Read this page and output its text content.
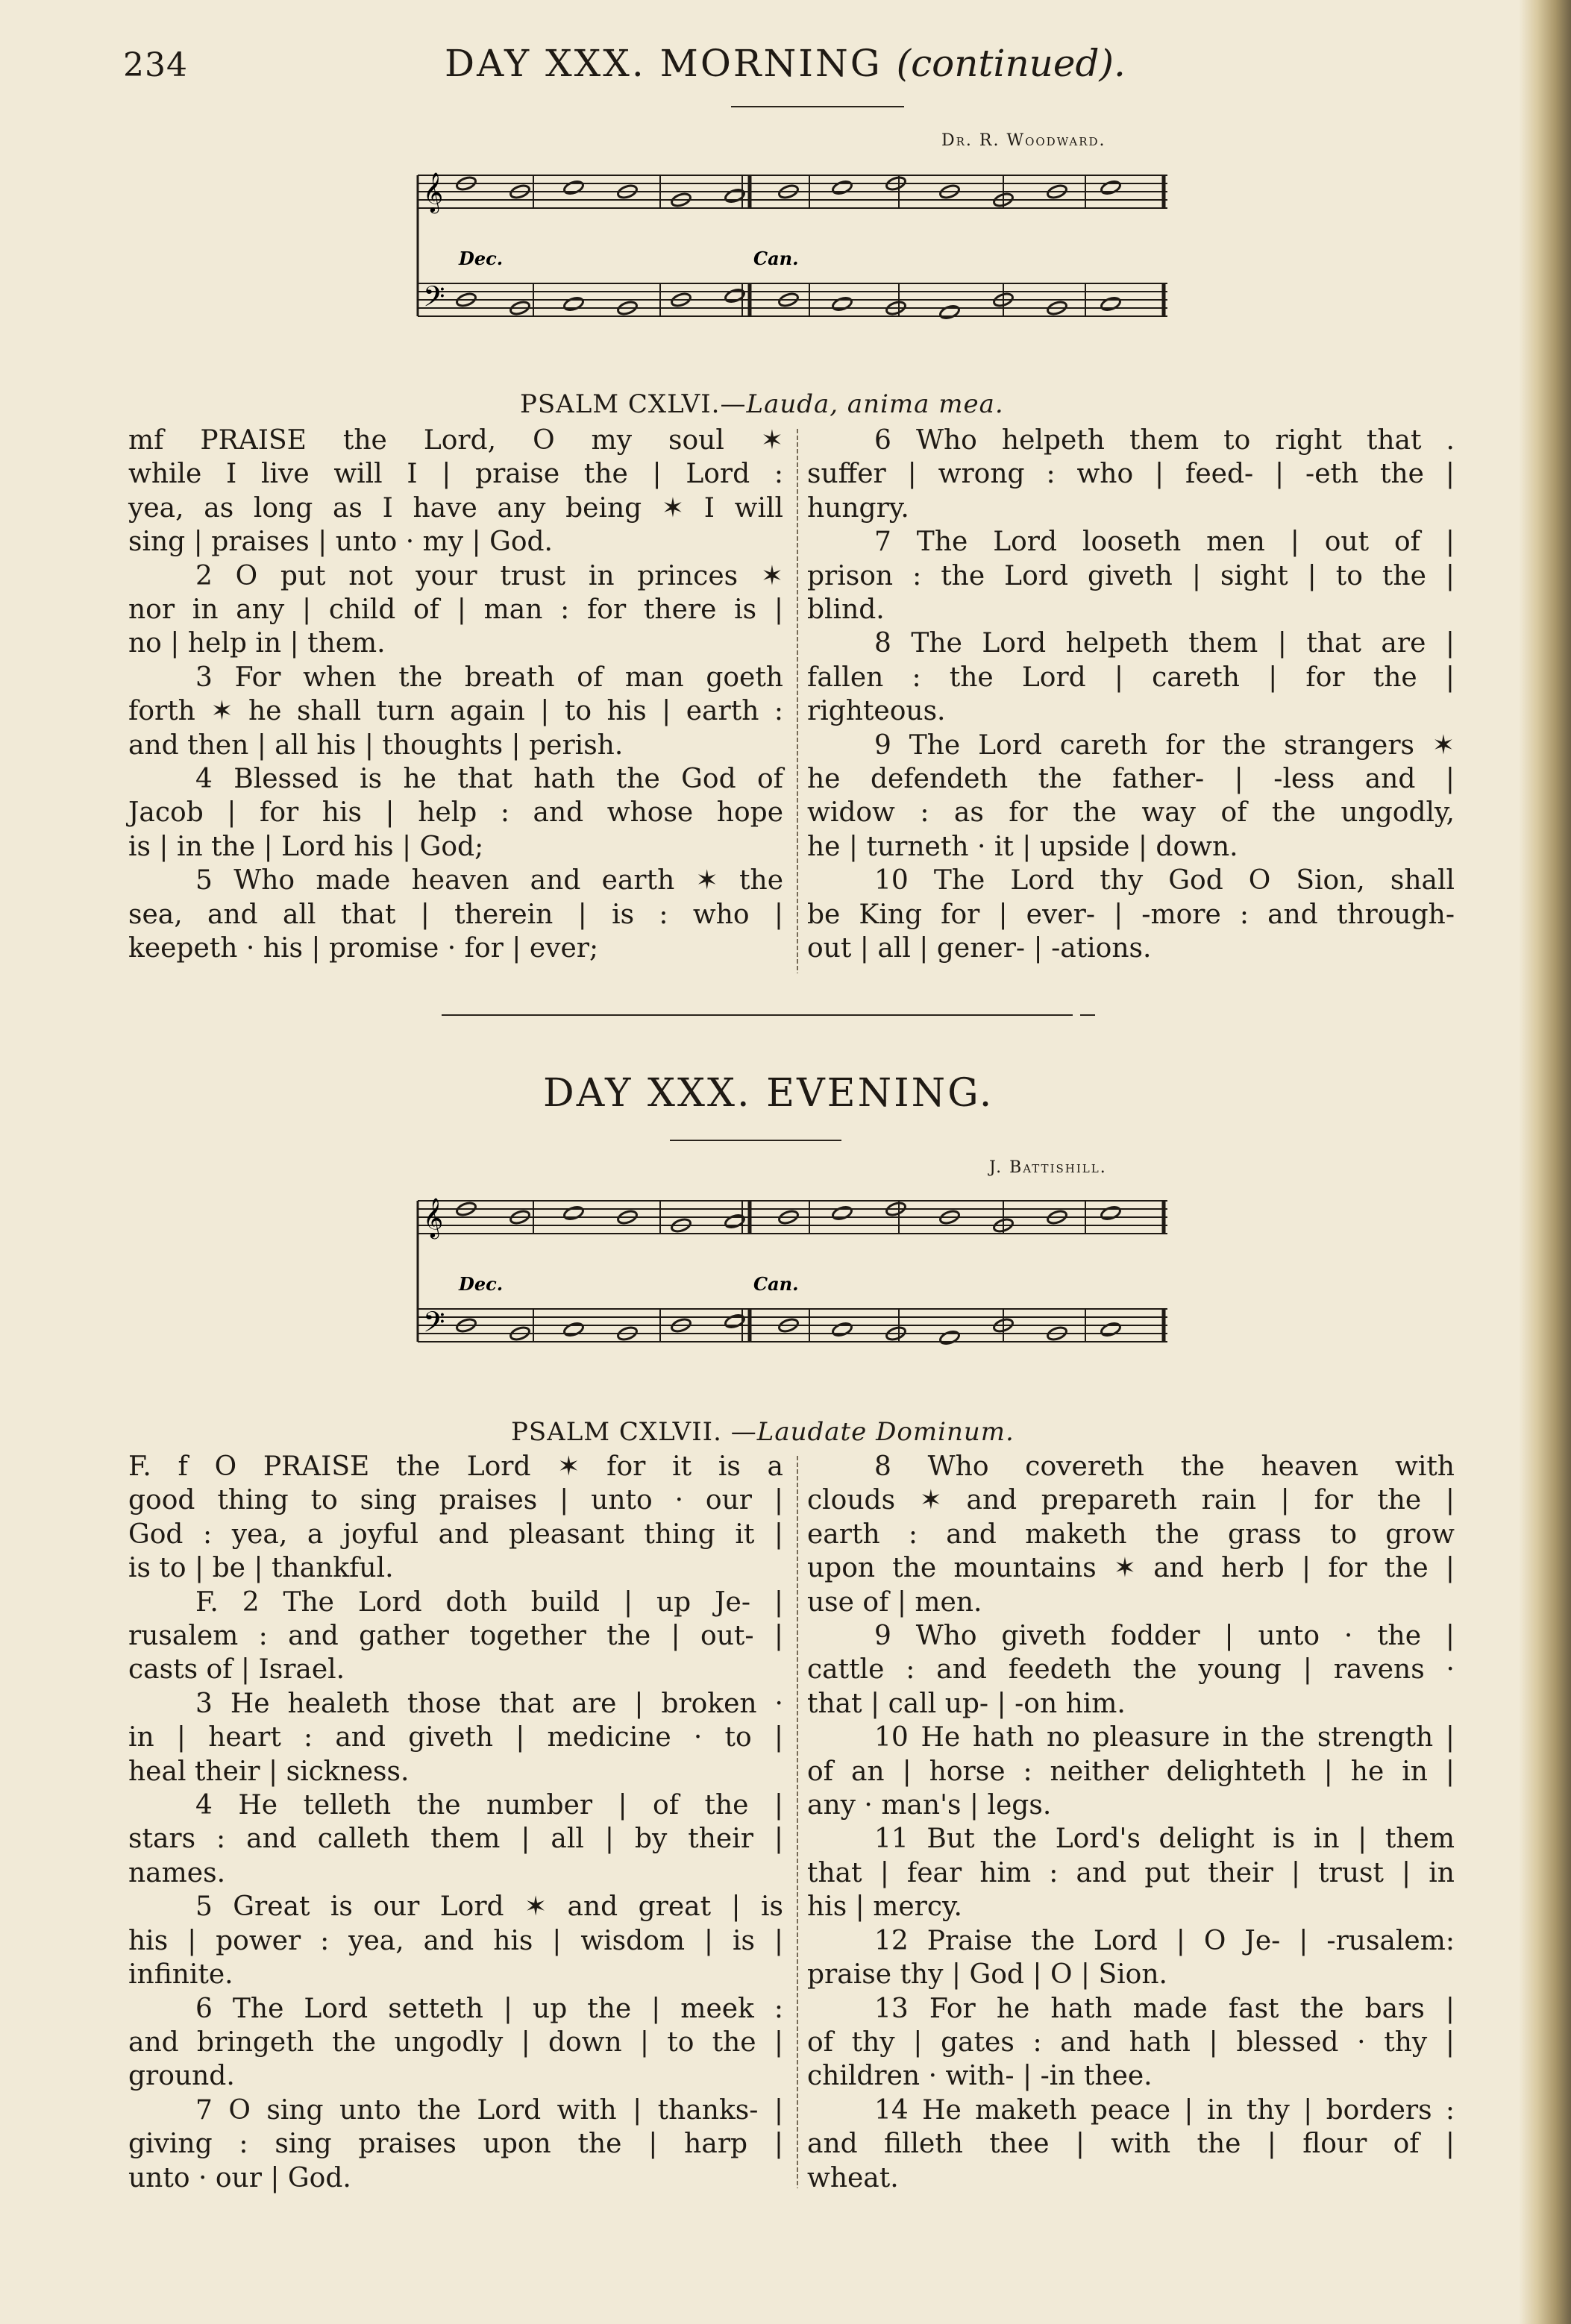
234	DAY XXX. MORNING (continued).
Dr. R. Woodward.
𝄞
𝄢
Dec.	Can.
PSALM CXLVI.—Lauda, anima mea.
mf PRAISE the Lord, O my soul ✶
while I live will I | praise the | Lord :
yea, as long as I have any being ✶ I will
sing | praises | unto · my | God.
2 O put not your trust in princes ✶
nor in any | child of | man : for there is |
no | help in | them.
3 For when the breath of man goeth
forth ✶ he shall turn again | to his | earth :
and then | all his | thoughts | perish.
4 Blessed is he that hath the God of
Jacob | for his | help : and whose hope
is | in the | Lord his | God;
5 Who made heaven and earth ✶ the
sea, and all that | therein | is : who |
keepeth · his | promise · for | ever;
6 Who helpeth them to right that .
suffer | wrong : who | feed- | -eth the |
hungry.
7 The Lord looseth men | out of |
prison : the Lord giveth | sight | to the |
blind.
8 The Lord helpeth them | that are |
fallen : the Lord | careth | for the |
righteous.
9 The Lord careth for the strangers ✶
he defendeth the father- | -less and |
widow : as for the way of the ungodly,
he | turneth · it | upside | down.
10 The Lord thy God O Sion, shall
be King for | ever- | -more : and through-
out | all | gener- | -ations.
DAY XXX. EVENING.
J. Battishill.
𝄞
𝄢
Dec.	Can.
PSALM CXLVII. —Laudate Dominum.
F. f O PRAISE the Lord ✶ for it is a
good thing to sing praises | unto · our |
God : yea, a joyful and pleasant thing it |
is to | be | thankful.
F. 2 The Lord doth build | up Je- |
rusalem : and gather together the | out- |
casts of | Israel.
3 He healeth those that are | broken ·
in | heart : and giveth | medicine · to |
heal their | sickness.
4 He telleth the number | of the |
stars : and calleth them | all | by their |
names.
5 Great is our Lord ✶ and great | is
his | power : yea, and his | wisdom | is |
infinite.
6 The Lord setteth | up the | meek :
and bringeth the ungodly | down | to the |
ground.
7 O sing unto the Lord with | thanks- |
giving : sing praises upon the | harp |
unto · our | God.
8 Who covereth the heaven with
clouds ✶ and prepareth rain | for the |
earth : and maketh the grass to grow
upon the mountains ✶ and herb | for the |
use of | men.
9 Who giveth fodder | unto · the |
cattle : and feedeth the young | ravens ·
that | call up- | -on him.
10 He hath no pleasure in the strength |
of an | horse : neither delighteth | he in |
any · man's | legs.
11 But the Lord's delight is in | them
that | fear him : and put their | trust | in
his | mercy.
12 Praise the Lord | O Je- | -rusalem:
praise thy | God | O | Sion.
13 For he hath made fast the bars |
of thy | gates : and hath | blessed · thy |
children · with- | -in thee.
14 He maketh peace | in thy | borders :
and filleth thee | with the | flour of |
wheat.
